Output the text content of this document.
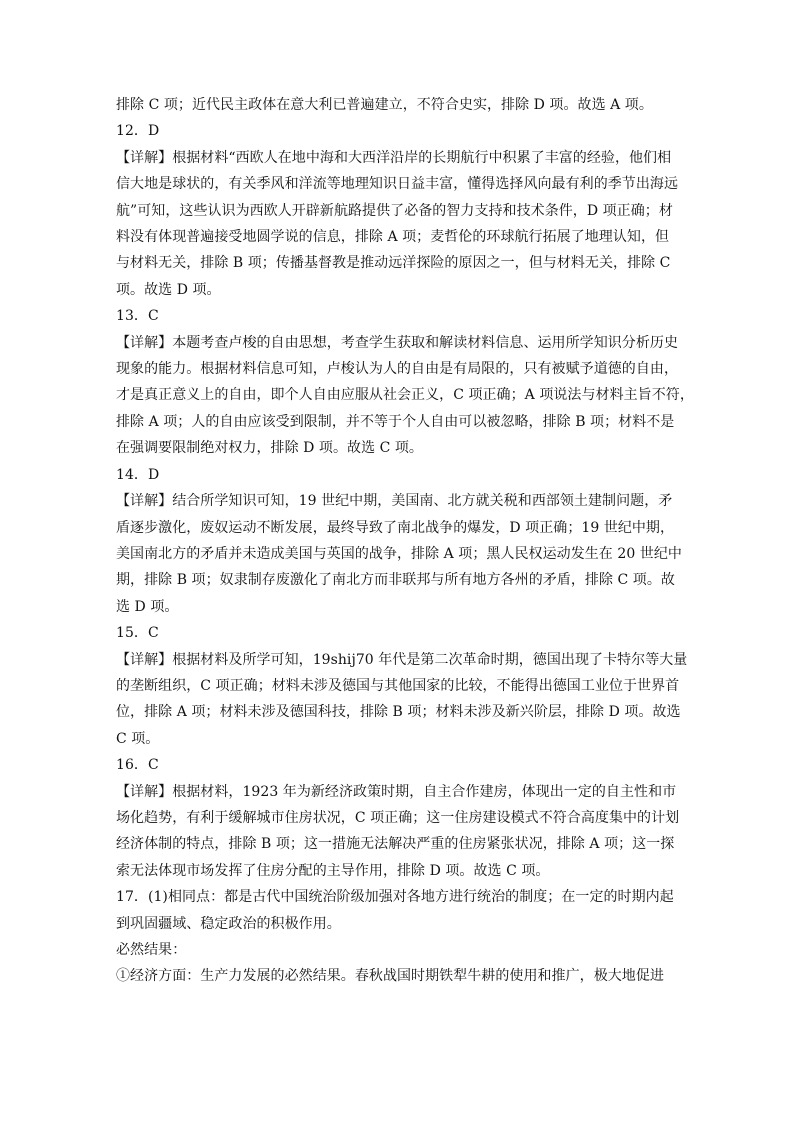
排除 C 项；近代民主政体在意大利已普遍建立，不符合史实，排除 D 项。故选 A 项。
12．D
【详解】根据材料“西欧人在地中海和大西洋沿岸的长期航行中积累了丰富的经验，他们相
信大地是球状的，有关季风和洋流等地理知识日益丰富，懂得选择风向最有利的季节出海远
航”可知，这些认识为西欧人开辟新航路提供了必备的智力支持和技术条件，D 项正确；材
料没有体现普遍接受地圆学说的信息，排除 A 项；麦哲伦的环球航行拓展了地理认知，但
与材料无关，排除 B 项；传播基督教是推动远洋探险的原因之一，但与材料无关，排除 C
项。故选 D 项。
13．C
【详解】本题考查卢梭的自由思想，考查学生获取和解读材料信息、运用所学知识分析历史
现象的能力。根据材料信息可知，卢梭认为人的自由是有局限的，只有被赋予道德的自由，
才是真正意义上的自由，即个人自由应服从社会正义，C 项正确；A 项说法与材料主旨不符，
排除 A 项；人的自由应该受到限制，并不等于个人自由可以被忽略，排除 B 项；材料不是
在强调要限制绝对权力，排除 D 项。故选 C 项。
14．D
【详解】结合所学知识可知，19 世纪中期，美国南、北方就关税和西部领土建制问题，矛
盾逐步激化，废奴运动不断发展，最终导致了南北战争的爆发，D 项正确；19 世纪中期，
美国南北方的矛盾并未造成美国与英国的战争，排除 A 项；黑人民权运动发生在 20 世纪中
期，排除 B 项；奴隶制存废激化了南北方而非联邦与所有地方各州的矛盾，排除 C 项。故
选 D 项。
15．C
【详解】根据材料及所学可知，19shij70 年代是第二次革命时期，德国出现了卡特尔等大量
的垄断组织，C 项正确；材料未涉及德国与其他国家的比较，不能得出德国工业位于世界首
位，排除 A 项；材料未涉及德国科技，排除 B 项；材料未涉及新兴阶层，排除 D 项。故选
C 项。
16．C
【详解】根据材料，1923 年为新经济政策时期，自主合作建房，体现出一定的自主性和市
场化趋势，有利于缓解城市住房状况，C 项正确；这一住房建设模式不符合高度集中的计划
经济体制的特点，排除 B 项；这一措施无法解决严重的住房紧张状况，排除 A 项；这一探
索无法体现市场发挥了住房分配的主导作用，排除 D 项。故选 C 项。
17．(1)相同点：都是古代中国统治阶级加强对各地方进行统治的制度；在一定的时期内起
到巩固疆域、稳定政治的积极作用。
必然结果：
①经济方面：生产力发展的必然结果。春秋战国时期铁犁牛耕的使用和推广，极大地促进
